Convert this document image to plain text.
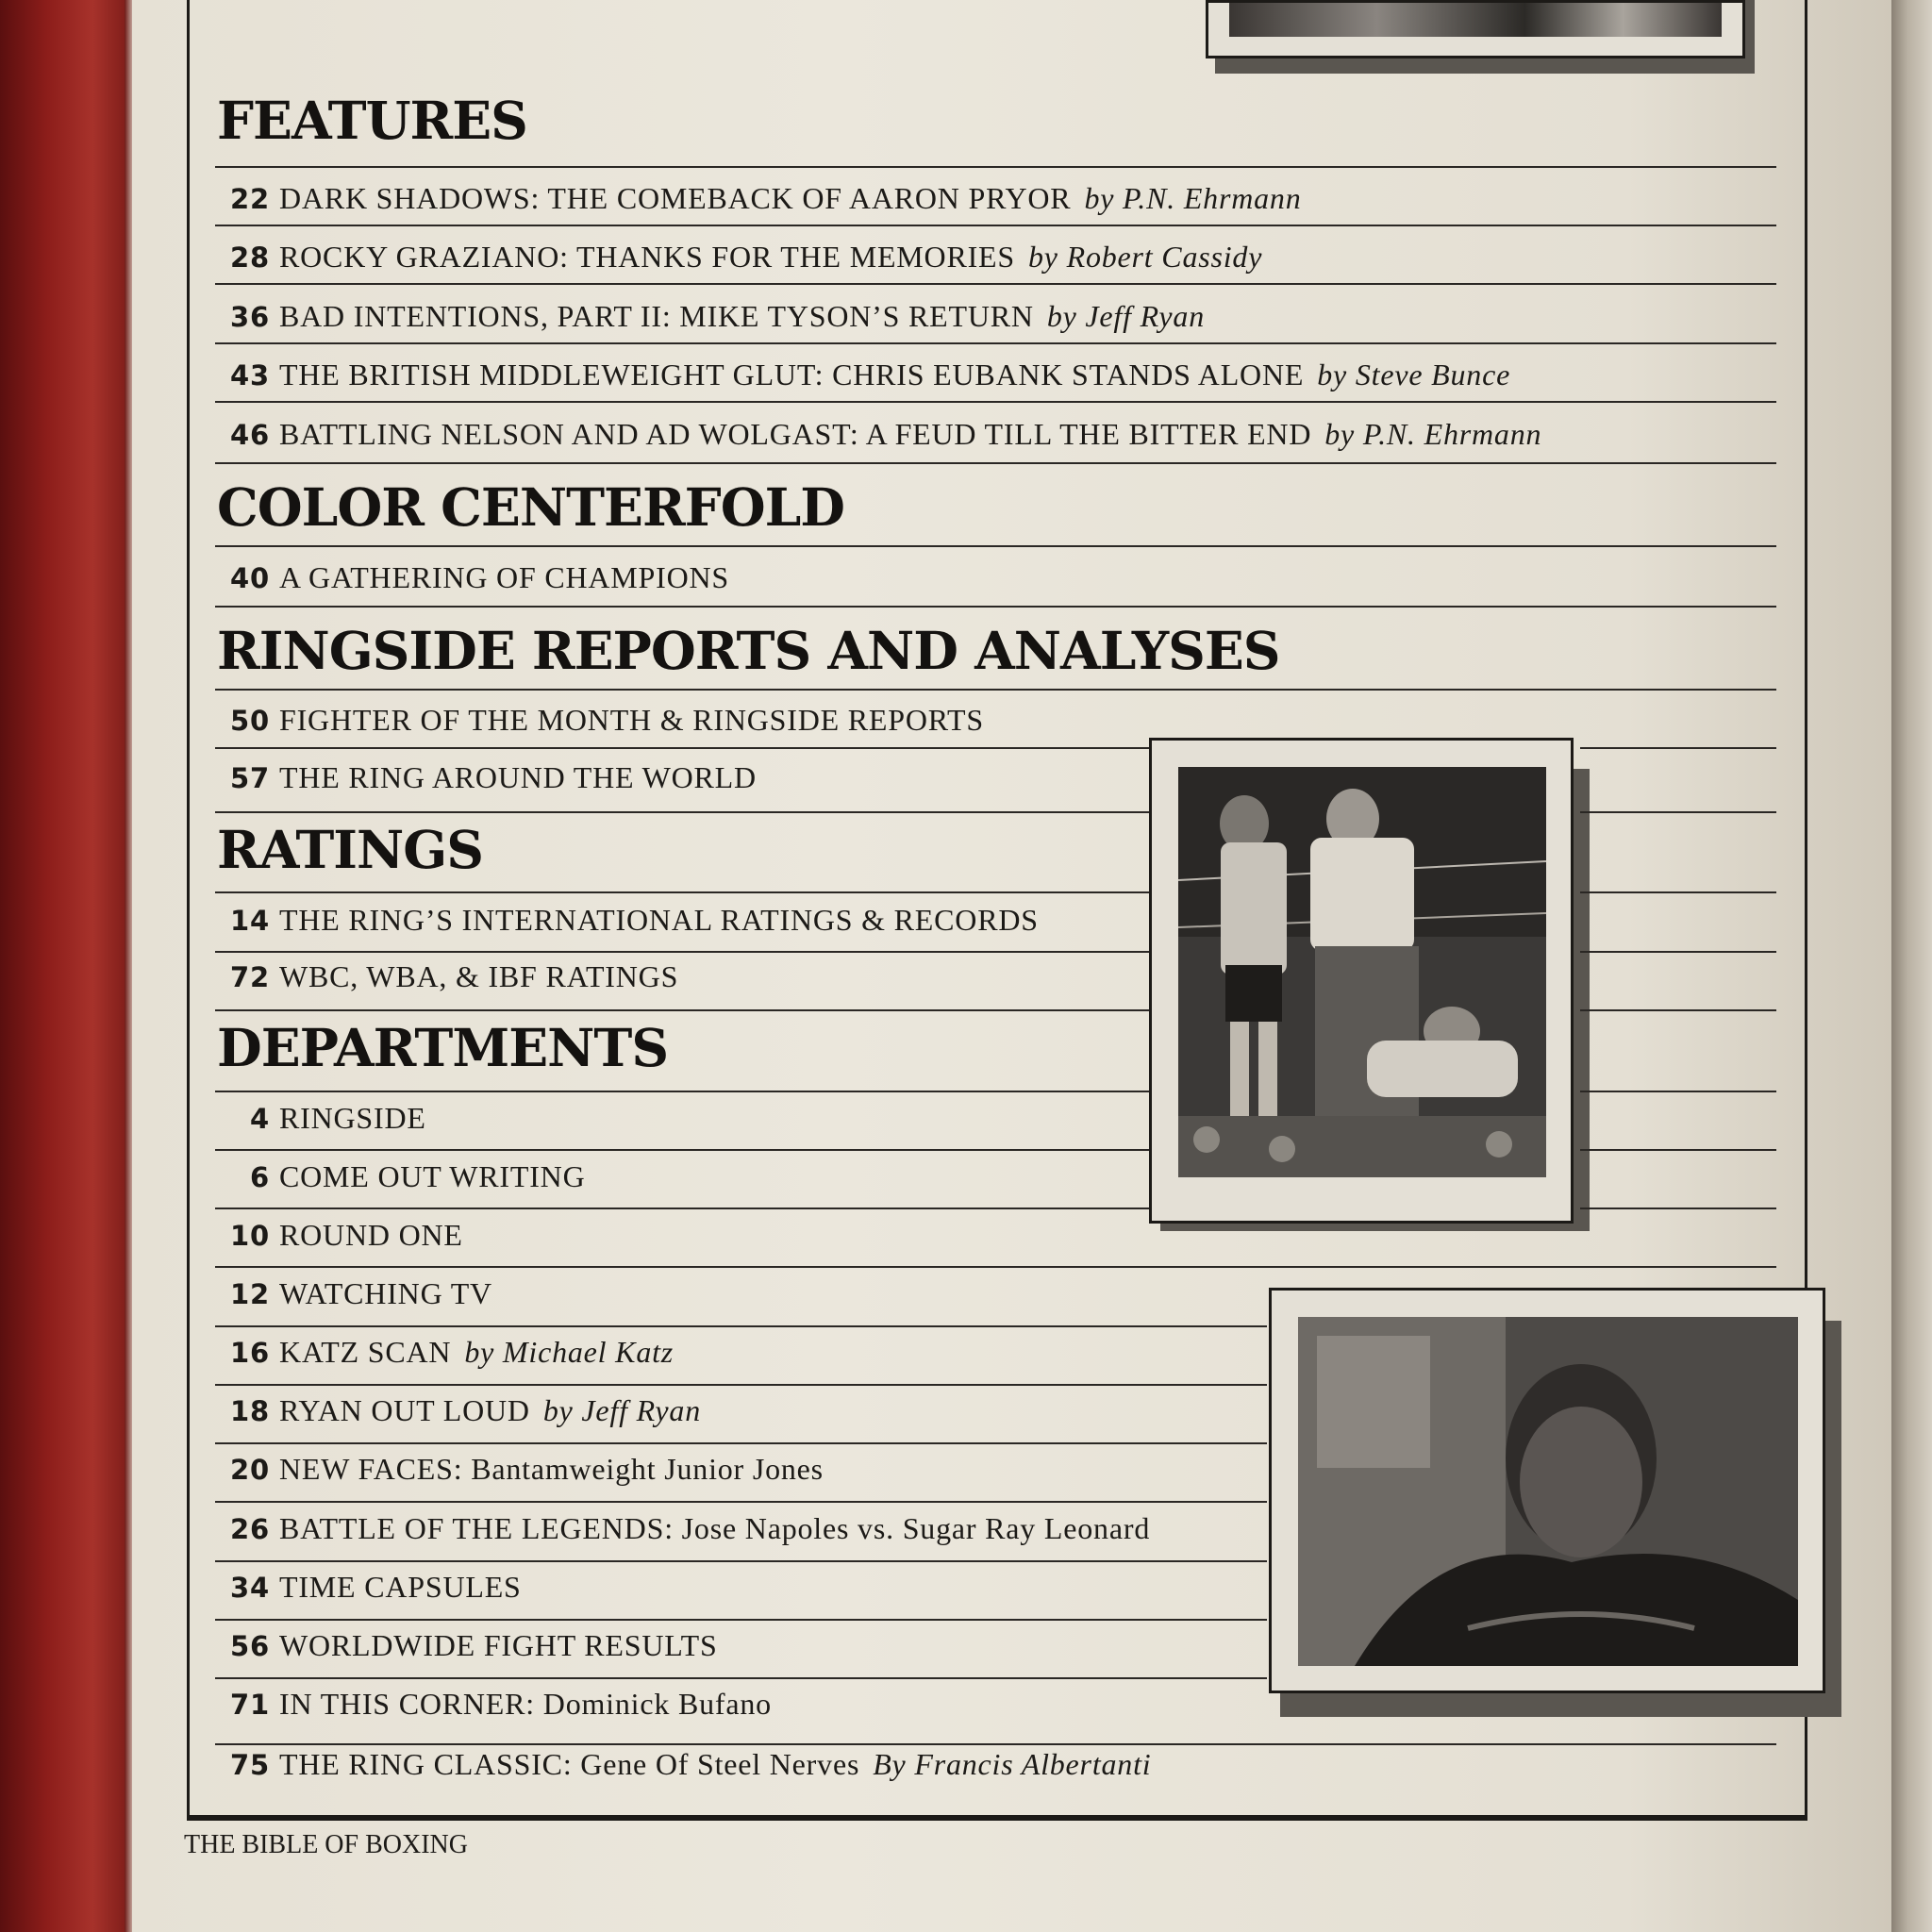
FEATURES
22 DARK SHADOWS: THE COMEBACK OF AARON PRYOR by P.N. Ehrmann
28 ROCKY GRAZIANO: THANKS FOR THE MEMORIES by Robert Cassidy
36 BAD INTENTIONS, PART II: MIKE TYSON’S RETURN by Jeff Ryan
43 THE BRITISH MIDDLEWEIGHT GLUT: CHRIS EUBANK STANDS ALONE by Steve Bunce
46 BATTLING NELSON AND AD WOLGAST: A FEUD TILL THE BITTER END by P.N. Ehrmann
COLOR CENTERFOLD
40 A GATHERING OF CHAMPIONS
RINGSIDE REPORTS AND ANALYSES
50 FIGHTER OF THE MONTH & RINGSIDE REPORTS
57 THE RING AROUND THE WORLD
RATINGS
14 THE RING’S INTERNATIONAL RATINGS & RECORDS
72 WBC, WBA, & IBF RATINGS
DEPARTMENTS
4 RINGSIDE
6 COME OUT WRITING
10 ROUND ONE
12 WATCHING TV
16 KATZ SCAN by Michael Katz
18 RYAN OUT LOUD by Jeff Ryan
20 NEW FACES: Bantamweight Junior Jones
26 BATTLE OF THE LEGENDS: Jose Napoles vs. Sugar Ray Leonard
34 TIME CAPSULES
56 WORLDWIDE FIGHT RESULTS
71 IN THIS CORNER: Dominick Bufano
75 THE RING CLASSIC: Gene Of Steel Nerves By Francis Albertanti
THE BIBLE OF BOXING
